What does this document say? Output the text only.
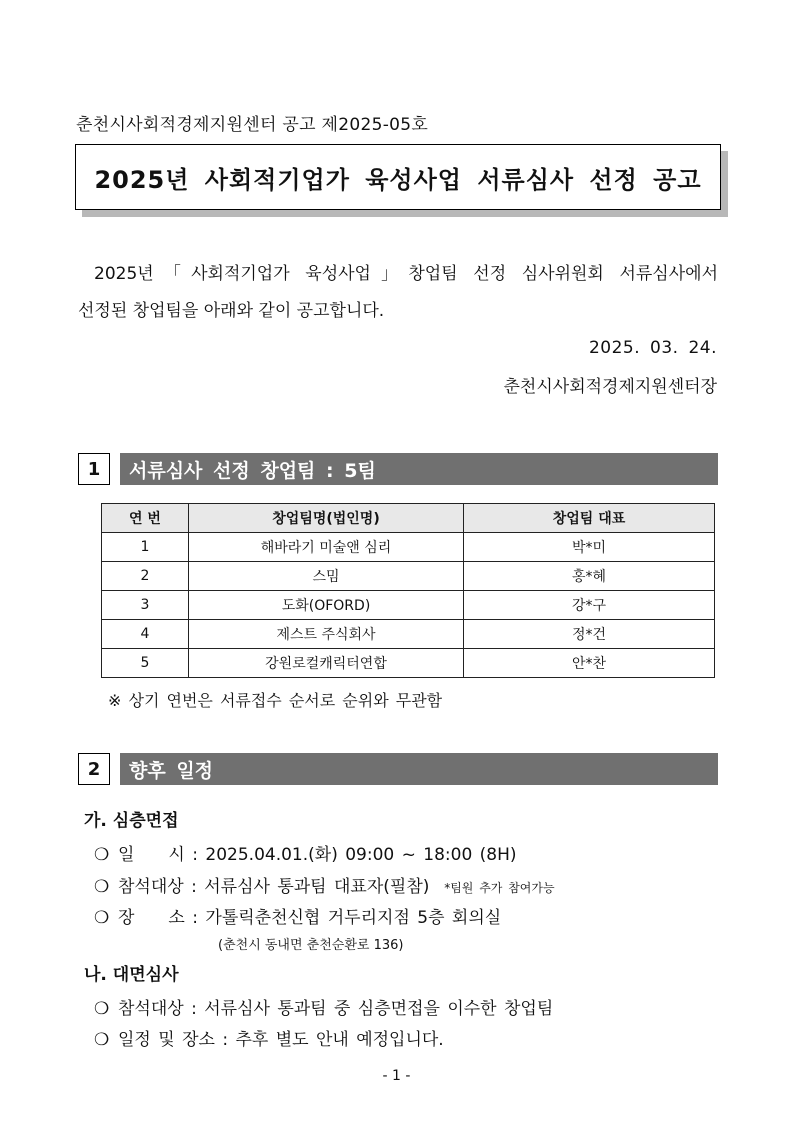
춘천시사회적경제지원센터 공고 제2025-05호
2025년 사회적기업가 육성사업 서류심사 선정 공고
2025년「사회적기업가 육성사업」창업팀 선정 심사위원회 서류심사에서
선정된 창업팀을 아래와 같이 공고합니다.
2025. 03. 24.
춘천시사회적경제지원센터장
1	서류심사 선정 창업팀 : 5팀
연 번	창업팀명(법인명)	창업팀 대표
1	해바라기 미술앤 심리	박*미
2	스밈	홍*혜
3	도화(OFORD)	강*구
4	제스트 주식회사	정*건
5	강원로컬캐릭터연합	안*찬
※ 상기 연번은 서류접수 순서로 순위와 무관함
2	향후 일정
가. 심층면접
❍ 일　　시 : 2025.04.01.(화) 09:00 ~ 18:00 (8H)
❍ 참석대상 : 서류심사 통과팀 대표자(필참) *팀원 추가 참여가능
❍ 장　　소 : 가톨릭춘천신협 거두리지점 5층 회의실
(춘천시 동내면 춘천순환로 136)
나. 대면심사
❍ 참석대상 : 서류심사 통과팀 중 심층면접을 이수한 창업팀
❍ 일정 및 장소 : 추후 별도 안내 예정입니다.
- 1 -
